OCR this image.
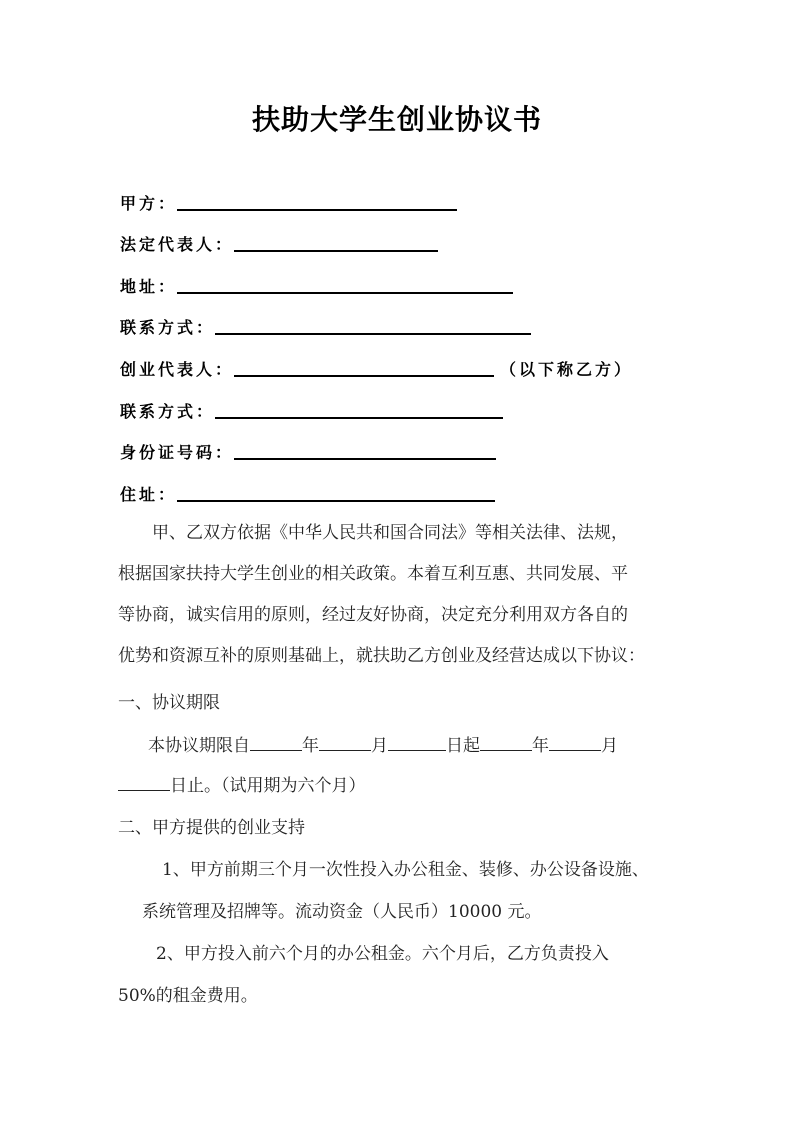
扶助大学生创业协议书
甲方：
法定代表人：
地址：
联系方式：
创业代表人：	（以下称乙方）
联系方式：
身份证号码：
住址：
甲、乙双方依据《中华人民共和国合同法》等相关法律、法规，
根据国家扶持大学生创业的相关政策。本着互利互惠、共同发展、平
等协商，诚实信用的原则，经过友好协商，决定充分利用双方各自的
优势和资源互补的原则基础上，就扶助乙方创业及经营达成以下协议：
一、协议期限
本协议期限自	年	月	日起	年	月
日止。（试用期为六个月）
二、甲方提供的创业支持
1、甲方前期三个月一次性投入办公租金、装修、办公设备设施、
系统管理及招牌等。流动资金（人民币）10000 元。
2、甲方投入前六个月的办公租金。六个月后，乙方负责投入
50%的租金费用。
